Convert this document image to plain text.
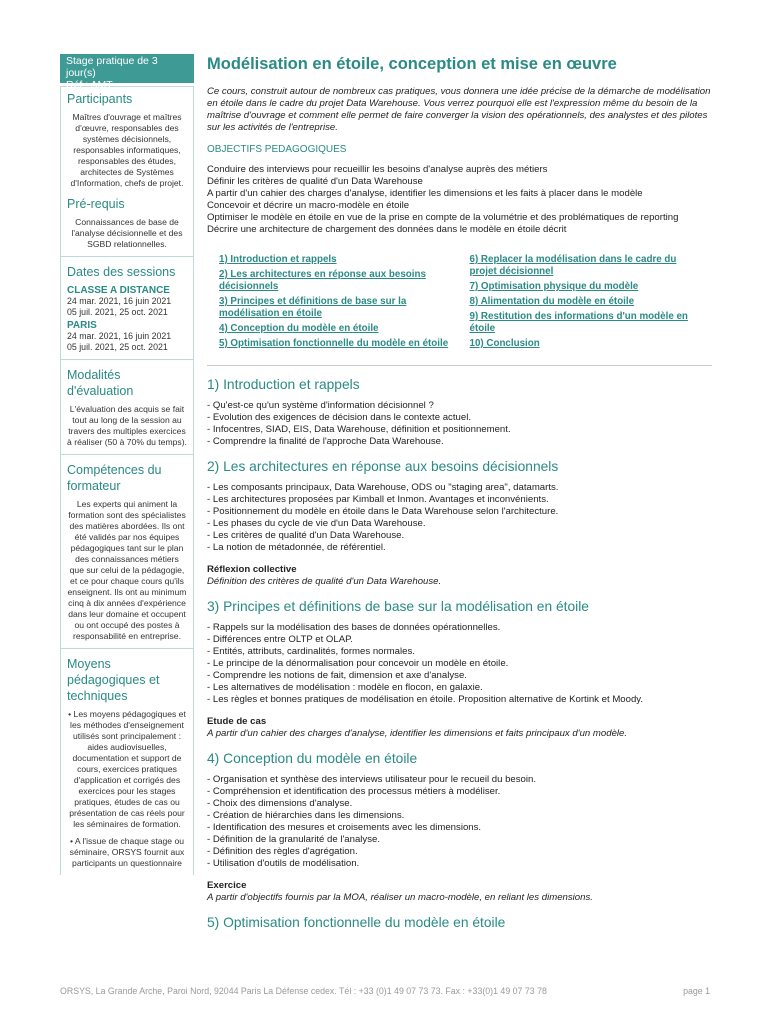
Stage pratique de 3 jour(s)
Réf : AMT
Participants
Maîtres d'ouvrage et maîtres d'œuvre, responsables des systèmes décisionnels, responsables informatiques, responsables des études, architectes de Systèmes d'Information, chefs de projet.
Pré-requis
Connaissances de base de l'analyse décisionnelle et des SGBD relationnelles.
Dates des sessions
CLASSE A DISTANCE
24 mar. 2021, 16 juin 2021
05 juil. 2021, 25 oct. 2021
PARIS
24 mar. 2021, 16 juin 2021
05 juil. 2021, 25 oct. 2021
Modalités d'évaluation
L'évaluation des acquis se fait tout au long de la session au travers des multiples exercices à réaliser (50 à 70% du temps).
Compétences du formateur
Les experts qui animent la formation sont des spécialistes des matières abordées. Ils ont été validés par nos équipes pédagogiques tant sur le plan des connaissances métiers que sur celui de la pédagogie, et ce pour chaque cours qu'ils enseignent. Ils ont au minimum cinq à dix années d'expérience dans leur domaine et occupent ou ont occupé des postes à responsabilité en entreprise.
Moyens pédagogiques et techniques
• Les moyens pédagogiques et les méthodes d'enseignement utilisés sont principalement : aides audiovisuelles, documentation et support de cours, exercices pratiques d'application et corrigés des exercices pour les stages pratiques, études de cas ou présentation de cas réels pour les séminaires de formation.
• A l'issue de chaque stage ou séminaire, ORSYS fournit aux participants un questionnaire
Modélisation en étoile, conception et mise en œuvre
Ce cours, construit autour de nombreux cas pratiques, vous donnera une idée précise de la démarche de modélisation en étoile dans le cadre du projet Data Warehouse. Vous verrez pourquoi elle est l'expression même du besoin de la maîtrise d'ouvrage et comment elle permet de faire converger la vision des opérationnels, des analystes et des pilotes sur les activités de l'entreprise.
OBJECTIFS PEDAGOGIQUES
Conduire des interviews pour recueillir les besoins d'analyse auprès des métiers
Définir les critères de qualité d'un Data Warehouse
A partir d'un cahier des charges d'analyse, identifier les dimensions et les faits à placer dans le modèle
Concevoir et décrire un macro-modèle en étoile
Optimiser le modèle en étoile en vue de la prise en compte de la volumétrie et des problématiques de reporting
Décrire une architecture de chargement des données dans le modèle en étoile décrit
1) Introduction et rappels
2) Les architectures en réponse aux besoins décisionnels
3) Principes et définitions de base sur la modélisation en étoile
4) Conception du modèle en étoile
5) Optimisation fonctionnelle du modèle en étoile
6) Replacer la modélisation dans le cadre du projet décisionnel
7) Optimisation physique du modèle
8) Alimentation du modèle en étoile
9) Restitution des informations d'un modèle en étoile
10) Conclusion
1) Introduction et rappels
- Qu'est-ce qu'un système d'information décisionnel ?
- Evolution des exigences de décision dans le contexte actuel.
- Infocentres, SIAD, EIS, Data Warehouse, définition et positionnement.
- Comprendre la finalité de l'approche Data Warehouse.
2) Les architectures en réponse aux besoins décisionnels
- Les composants principaux, Data Warehouse, ODS ou "staging area", datamarts.
- Les architectures proposées par Kimball et Inmon. Avantages et inconvénients.
- Positionnement du modèle en étoile dans le Data Warehouse selon l'architecture.
- Les phases du cycle de vie d'un Data Warehouse.
- Les critères de qualité d'un Data Warehouse.
- La notion de métadonnée, de référentiel.
Réflexion collective
Définition des critères de qualité d'un Data Warehouse.
3) Principes et définitions de base sur la modélisation en étoile
- Rappels sur la modélisation des bases de données opérationnelles.
- Différences entre OLTP et OLAP.
- Entités, attributs, cardinalités, formes normales.
- Le principe de la dénormalisation pour concevoir un modèle en étoile.
- Comprendre les notions de fait, dimension et axe d'analyse.
- Les alternatives de modélisation : modèle en flocon, en galaxie.
- Les règles et bonnes pratiques de modélisation en étoile. Proposition alternative de Kortink et Moody.
Etude de cas
A partir d'un cahier des charges d'analyse, identifier les dimensions et faits principaux d'un modèle.
4) Conception du modèle en étoile
- Organisation et synthèse des interviews utilisateur pour le recueil du besoin.
- Compréhension et identification des processus métiers à modéliser.
- Choix des dimensions d'analyse.
- Création de hiérarchies dans les dimensions.
- Identification des mesures et croisements avec les dimensions.
- Définition de la granularité de l'analyse.
- Définition des règles d'agrégation.
- Utilisation d'outils de modélisation.
Exercice
A partir d'objectifs fournis par la MOA, réaliser un macro-modèle, en reliant les dimensions.
5) Optimisation fonctionnelle du modèle en étoile
ORSYS, La Grande Arche, Paroi Nord, 92044 Paris La Défense cedex. Tél : +33 (0)1 49 07 73 73. Fax : +33(0)1 49 07 73 78	page 1
